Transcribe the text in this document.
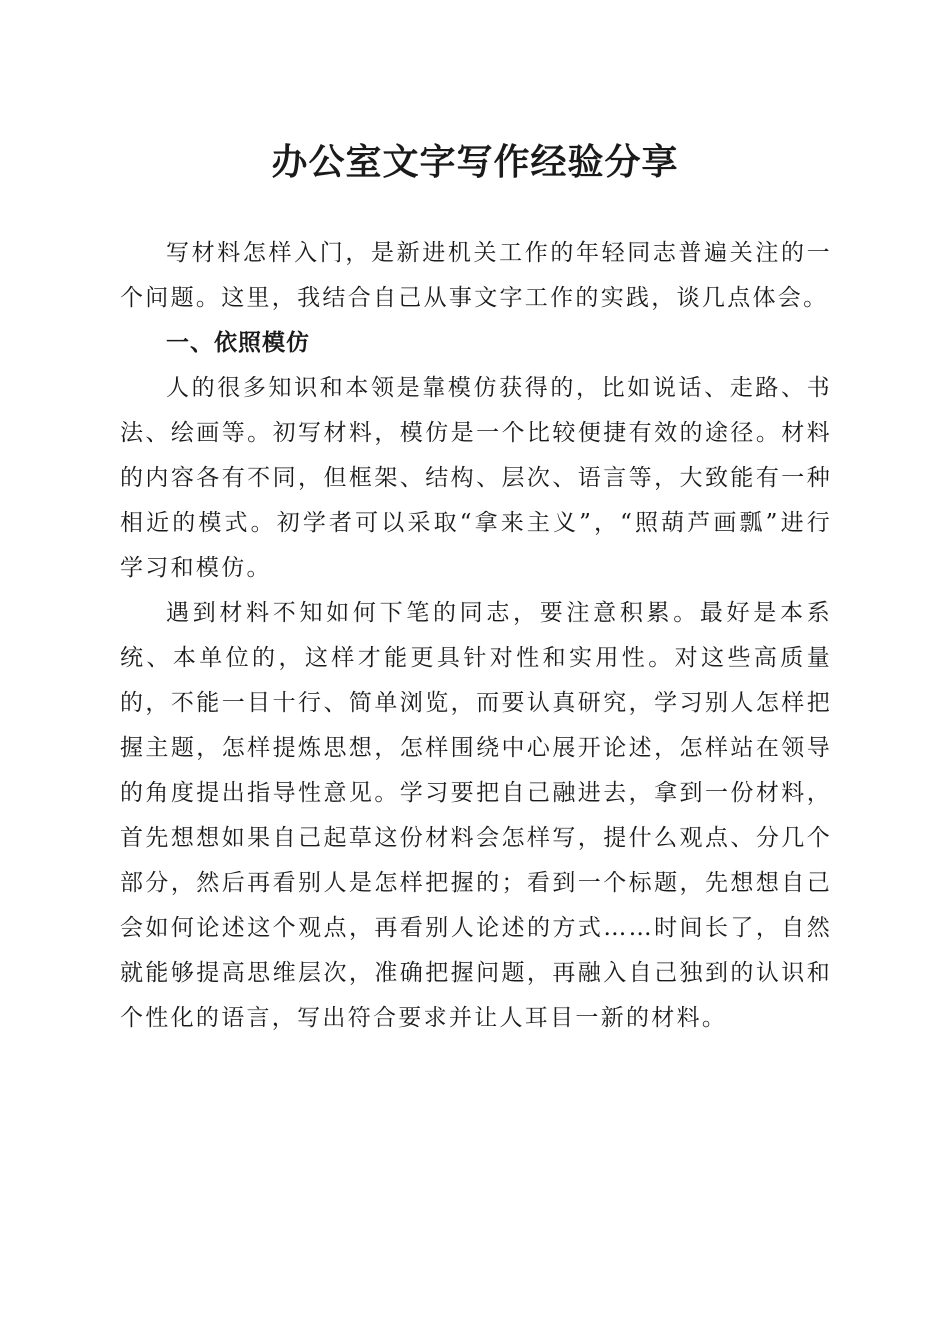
办公室文字写作经验分享

写材料怎样入门，是新进机关工作的年轻同志普遍关注的一个问题。这里，我结合自己从事文字工作的实践，谈几点体会。

一、依照模仿

人的很多知识和本领是靠模仿获得的，比如说话、走路、书法、绘画等。初写材料，模仿是一个比较便捷有效的途径。材料的内容各有不同，但框架、结构、层次、语言等，大致能有一种相近的模式。初学者可以采取“拿来主义”，“照葫芦画瓢”进行学习和模仿。

遇到材料不知如何下笔的同志，要注意积累。最好是本系统、本单位的，这样才能更具针对性和实用性。对这些高质量的，不能一目十行、简单浏览，而要认真研究，学习别人怎样把握主题，怎样提炼思想，怎样围绕中心展开论述，怎样站在领导的角度提出指导性意见。学习要把自己融进去，拿到一份材料，首先想想如果自己起草这份材料会怎样写，提什么观点、分几个部分，然后再看别人是怎样把握的；看到一个标题，先想想自己会如何论述这个观点，再看别人论述的方式……时间长了，自然就能够提高思维层次，准确把握问题，再融入自己独到的认识和个性化的语言，写出符合要求并让人耳目一新的材料。
